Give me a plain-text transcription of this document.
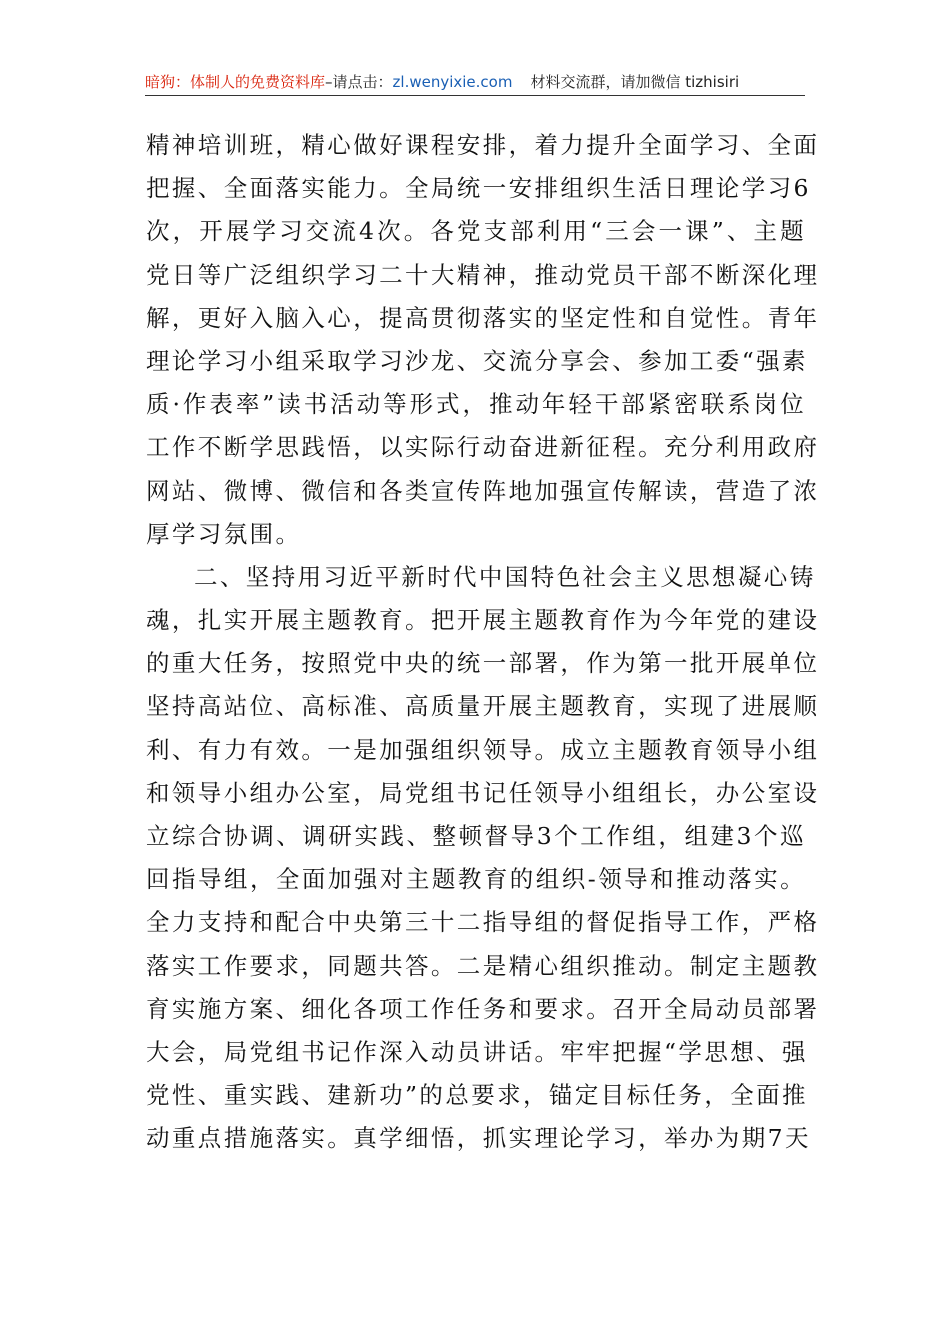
暗狗：体制人的免费资料库–请点击：zl.wenyixie.com 材料交流群，请加微信 tizhisiri
精神培训班，精心做好课程安排，着力提升全面学习、全面
把握、全面落实能力。全局统一安排组织生活日理论学习6
次，开展学习交流4次。各党支部利用“三会一课”、主题
党日等广泛组织学习二十大精神，推动党员干部不断深化理
解，更好入脑入心，提高贯彻落实的坚定性和自觉性。青年
理论学习小组采取学习沙龙、交流分享会、参加工委“强素
质·作表率”读书活动等形式，推动年轻干部紧密联系岗位
工作不断学思践悟，以实际行动奋进新征程。充分利用政府
网站、微博、微信和各类宣传阵地加强宣传解读，营造了浓
厚学习氛围。
二、坚持用习近平新时代中国特色社会主义思想凝心铸
魂，扎实开展主题教育。把开展主题教育作为今年党的建设
的重大任务，按照党中央的统一部署，作为第一批开展单位
坚持高站位、高标准、高质量开展主题教育，实现了进展顺
利、有力有效。一是加强组织领导。成立主题教育领导小组
和领导小组办公室，局党组书记任领导小组组长，办公室设
立综合协调、调研实践、整顿督导3个工作组，组建3个巡
回指导组，全面加强对主题教育的组织-领导和推动落实。
全力支持和配合中央第三十二指导组的督促指导工作，严格
落实工作要求，同题共答。二是精心组织推动。制定主题教
育实施方案、细化各项工作任务和要求。召开全局动员部署
大会，局党组书记作深入动员讲话。牢牢把握“学思想、强
党性、重实践、建新功”的总要求，锚定目标任务，全面推
动重点措施落实。真学细悟，抓实理论学习，举办为期7天
